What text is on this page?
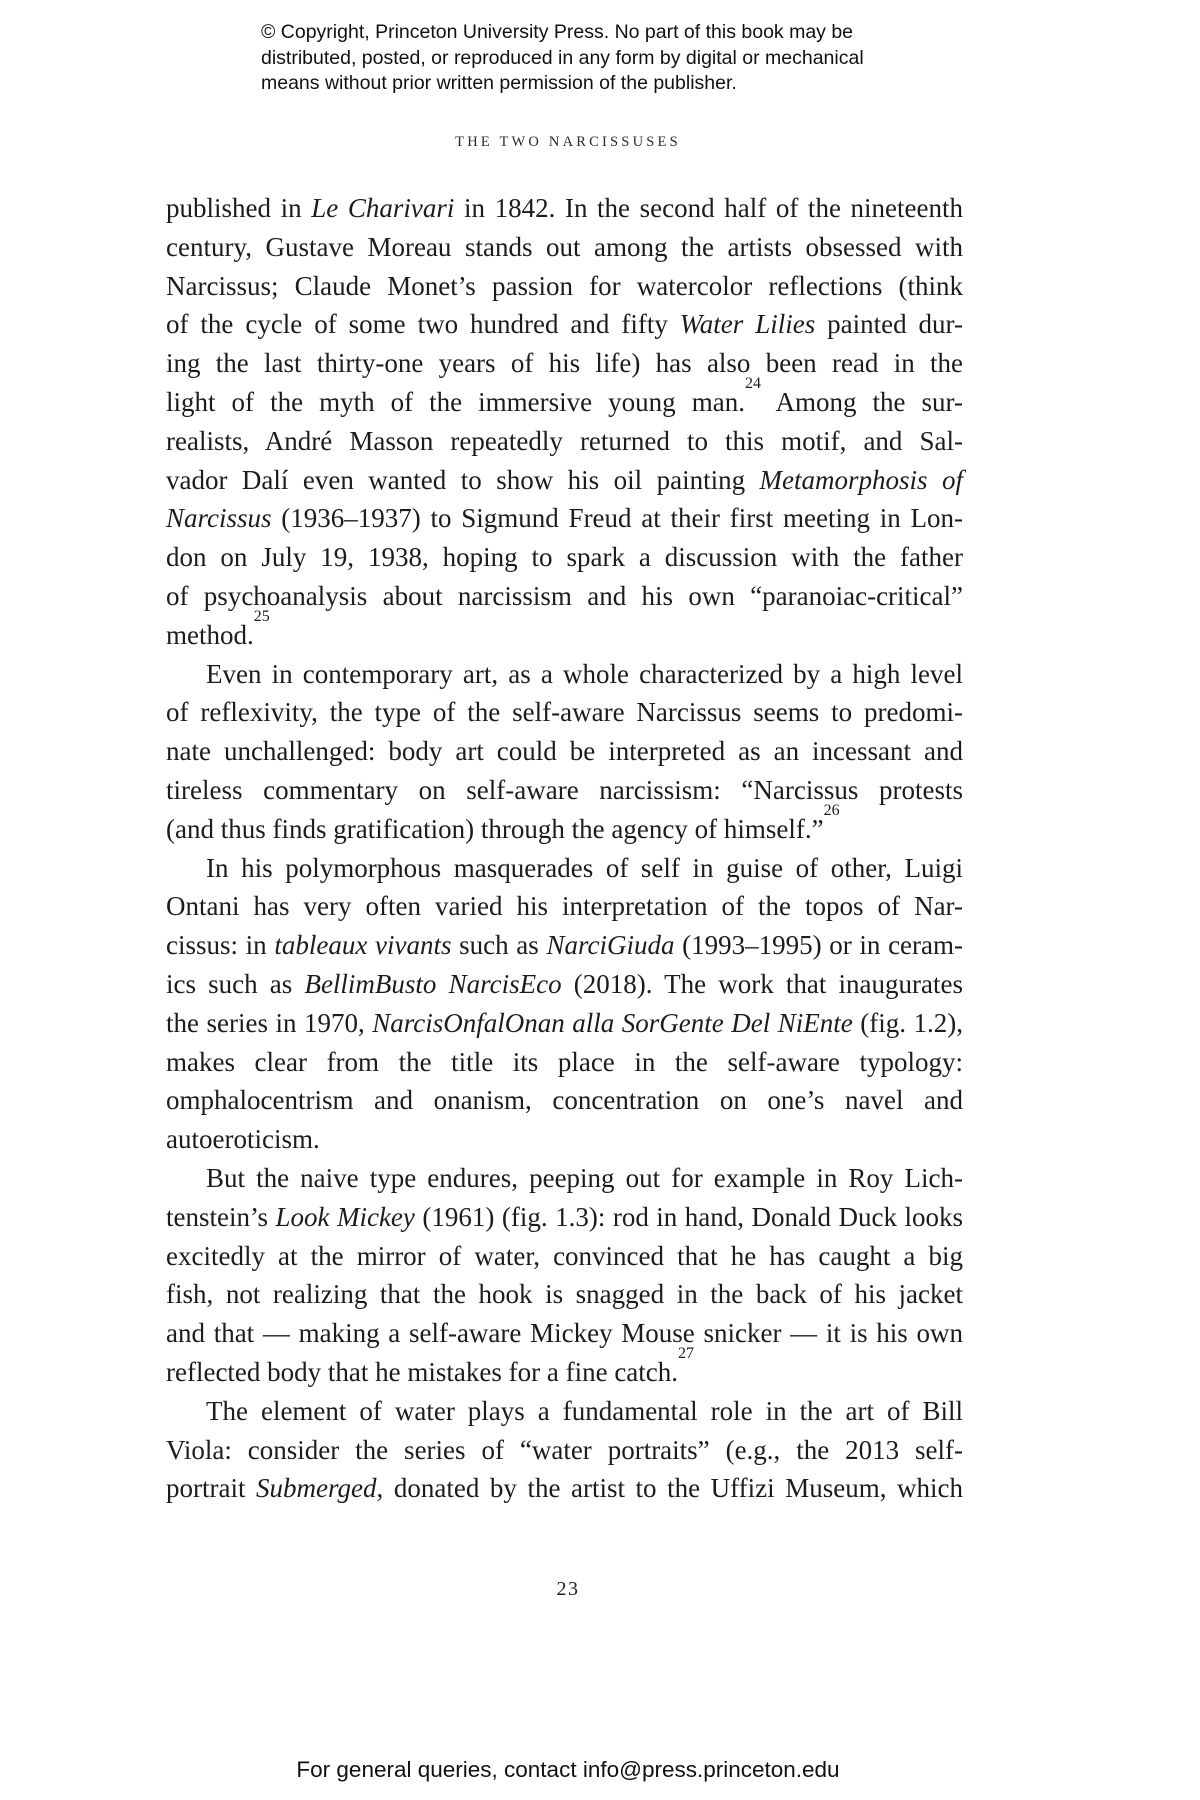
© Copyright, Princeton University Press. No part of this book may be
distributed, posted, or reproduced in any form by digital or mechanical
means without prior written permission of the publisher.
THE TWO NARCISSUSES
published in Le Charivari in 1842. In the second half of the nineteenth
century, Gustave Moreau stands out among the artists obsessed with
Narcissus; Claude Monet’s passion for watercolor reflections (think
of the cycle of some two hundred and fifty Water Lilies painted dur-
ing the last thirty-one years of his life) has also been read in the
light of the myth of the immersive young man.$^{24}$ Among the sur-
realists, André Masson repeatedly returned to this motif, and Sal-
vador Dalí even wanted to show his oil painting Metamorphosis of
Narcissus (1936–1937) to Sigmund Freud at their first meeting in Lon-
don on July 19, 1938, hoping to spark a discussion with the father
of psychoanalysis about narcissism and his own “paranoiac-critical”
method.$^{25}$
Even in contemporary art, as a whole characterized by a high level
of reflexivity, the type of the self-aware Narcissus seems to predomi-
nate unchallenged: body art could be interpreted as an incessant and
tireless commentary on self-aware narcissism: “Narcissus protests
(and thus finds gratification) through the agency of himself.”$^{26}$
In his polymorphous masquerades of self in guise of other, Luigi
Ontani has very often varied his interpretation of the topos of Nar-
cissus: in tableaux vivants such as NarciGiuda (1993–1995) or in ceram-
ics such as BellimBusto NarcisEco (2018). The work that inaugurates
the series in 1970, NarcisOnfalOnan alla SorGente Del NiEnte (fig. 1.2),
makes clear from the title its place in the self-aware typology:
omphalocentrism and onanism, concentration on one’s navel and
autoeroticism.
But the naive type endures, peeping out for example in Roy Lich-
tenstein’s Look Mickey (1961) (fig. 1.3): rod in hand, Donald Duck looks
excitedly at the mirror of water, convinced that he has caught a big
fish, not realizing that the hook is snagged in the back of his jacket
and that — making a self-aware Mickey Mouse snicker — it is his own
reflected body that he mistakes for a fine catch.$^{27}$
The element of water plays a fundamental role in the art of Bill
Viola: consider the series of “water portraits” (e.g., the 2013 self-
portrait Submerged, donated by the artist to the Uffizi Museum, which
23
For general queries, contact info@press.princeton.edu
